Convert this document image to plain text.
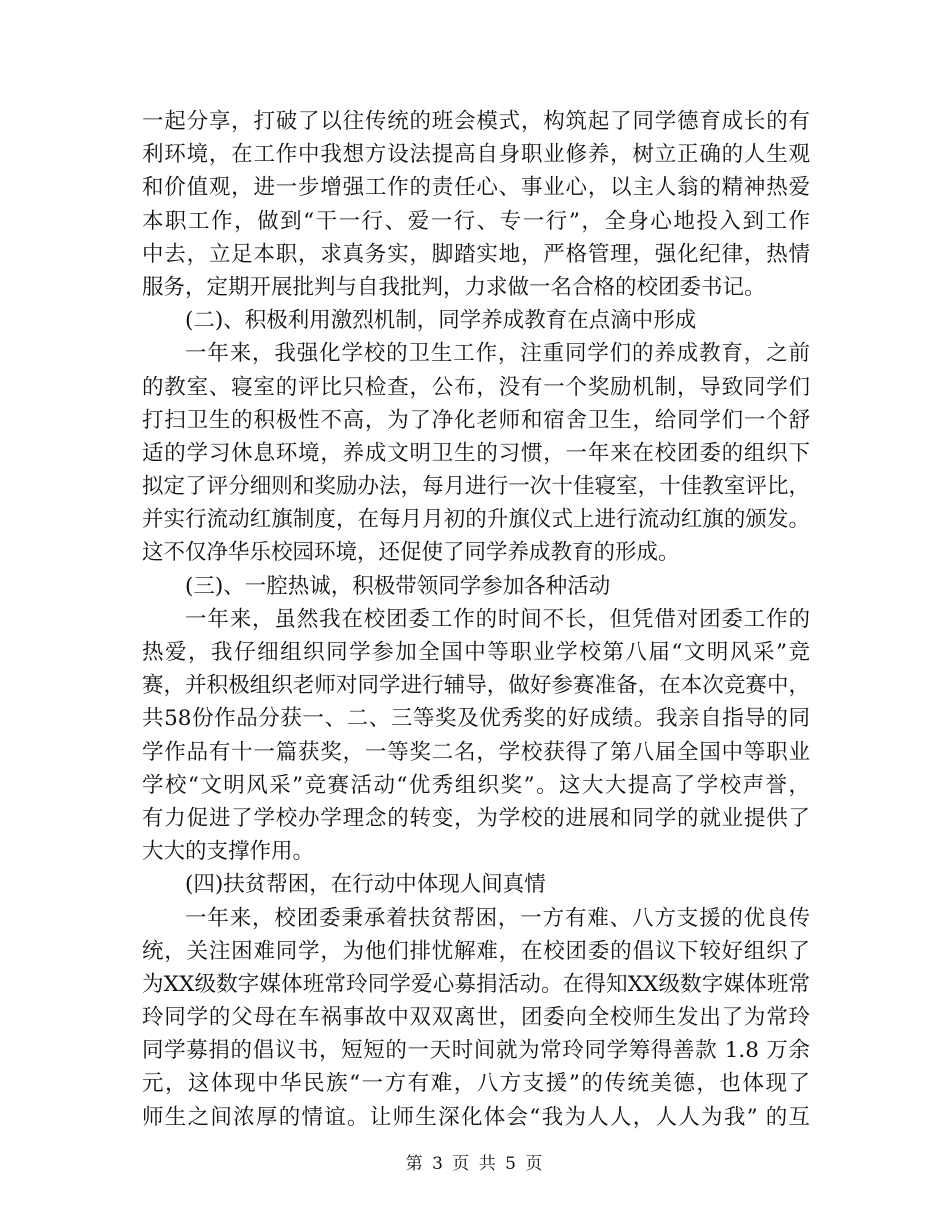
一起分享，打破了以往传统的班会模式，构筑起了同学德育成长的有
利环境，在工作中我想方设法提高自身职业修养，树立正确的人生观
和价值观，进一步增强工作的责任心、事业心，以主人翁的精神热爱
本职工作，做到“干一行、爱一行、专一行”，全身心地投入到工作
中去，立足本职，求真务实，脚踏实地，严格管理，强化纪律，热情
服务，定期开展批判与自我批判，力求做一名合格的校团委书记。
(二)、积极利用激烈机制，同学养成教育在点滴中形成
一年来，我强化学校的卫生工作，注重同学们的养成教育，之前
的教室、寝室的评比只检查，公布，没有一个奖励机制，导致同学们
打扫卫生的积极性不高，为了净化老师和宿舍卫生，给同学们一个舒
适的学习休息环境，养成文明卫生的习惯，一年来在校团委的组织下
拟定了评分细则和奖励办法，每月进行一次十佳寝室，十佳教室评比，
并实行流动红旗制度，在每月月初的升旗仪式上进行流动红旗的颁发。
这不仅净华乐校园环境，还促使了同学养成教育的形成。
(三)、一腔热诚，积极带领同学参加各种活动
一年来，虽然我在校团委工作的时间不长，但凭借对团委工作的
热爱，我仔细组织同学参加全国中等职业学校第八届“文明风采”竞
赛，并积极组织老师对同学进行辅导，做好参赛准备，在本次竞赛中，
共58份作品分获一、二、三等奖及优秀奖的好成绩。我亲自指导的同
学作品有十一篇获奖，一等奖二名，学校获得了第八届全国中等职业
学校“文明风采”竞赛活动“优秀组织奖”。这大大提高了学校声誉，
有力促进了学校办学理念的转变，为学校的进展和同学的就业提供了
大大的支撑作用。
(四)扶贫帮困，在行动中体现人间真情
一年来，校团委秉承着扶贫帮困，一方有难、八方支援的优良传
统，关注困难同学，为他们排忧解难，在校团委的倡议下较好组织了
为XX级数字媒体班常玲同学爱心募捐活动。在得知XX级数字媒体班常
玲同学的父母在车祸事故中双双离世，团委向全校师生发出了为常玲
同学募捐的倡议书，短短的一天时间就为常玲同学筹得善款 1.8 万余
元，这体现中华民族“一方有难，八方支援”的传统美德，也体现了
师生之间浓厚的情谊。让师生深化体会“我为人人，人人为我” 的互
第 3 页 共 5 页
